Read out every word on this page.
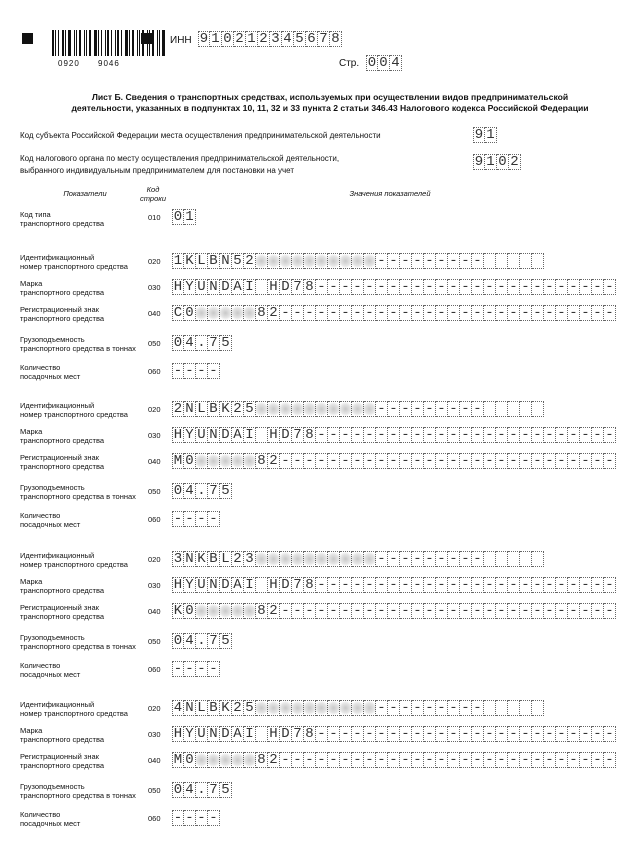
0920 9046
ИНН 9 1 0 2 1 2 3 4 5 6 7 8
Стр. 0 0 4
Лист Б. Сведения о транспортных средствах, используемых при осуществлении видов предпринимательской
деятельности, указанных в подпунктах 10, 11, 32 и 33 пункта 2 статьи 346.43 Налогового кодекса Российской Федерации
Код субъекта Российской Федерации места осуществления предпринимательской деятельности	9 1
Код налогового органа по месту осуществления предпринимательской деятельности,
выбранного индивидуальным предпринимателем для постановки на учет
9 1 0 2
Показатели	Код
строки
Значения показателей
Код типа
транспортного средства
010 0 1
Идентификационный
номер транспортного средства
020 1 K L B N 5 2	- - - - - - - - -
Марка
транспортного средства
030 H Y U N D A I H D 7 8 - - - - - - - - - - - - - - - - - - - - - - - - -
Регистрационный знак
транспортного средства
040 C 0	8 2 - - - - - - - - - - - - - - - - - - - - - - - - - - - -
Грузоподъемность
транспортного средства в тоннах
050 0 4 . 7 5
Количество
посадочных мест
060 - - - -
Идентификационный
номер транспортного средства
020 2 N L B K 2 5	- - - - - - - - -
Марка
транспортного средства
030 H Y U N D A I H D 7 8 - - - - - - - - - - - - - - - - - - - - - - - - -
Регистрационный знак
транспортного средства
040 M 0	8 2 - - - - - - - - - - - - - - - - - - - - - - - - - - - -
Грузоподъемность
транспортного средства в тоннах
050 0 4 . 7 5
Количество
посадочных мест
060 - - - -
Идентификационный
номер транспортного средства
020 3 N K B L 2 3	- - - - - - - - -
Марка
транспортного средства
030 H Y U N D A I H D 7 8 - - - - - - - - - - - - - - - - - - - - - - - - -
Регистрационный знак
транспортного средства
040 K 0	8 2 - - - - - - - - - - - - - - - - - - - - - - - - - - - -
Грузоподъемность
транспортного средства в тоннах
050 0 4 . 7 5
Количество
посадочных мест
060 - - - -
Идентификационный
номер транспортного средства
020 4 N L B K 2 5	- - - - - - - - -
Марка
транспортного средства
030 H Y U N D A I H D 7 8 - - - - - - - - - - - - - - - - - - - - - - - - -
Регистрационный знак
транспортного средства
040 M 0	8 2 - - - - - - - - - - - - - - - - - - - - - - - - - - - -
Грузоподъемность
транспортного средства в тоннах
050 0 4 . 7 5
Количество
посадочных мест
060 - - - -
